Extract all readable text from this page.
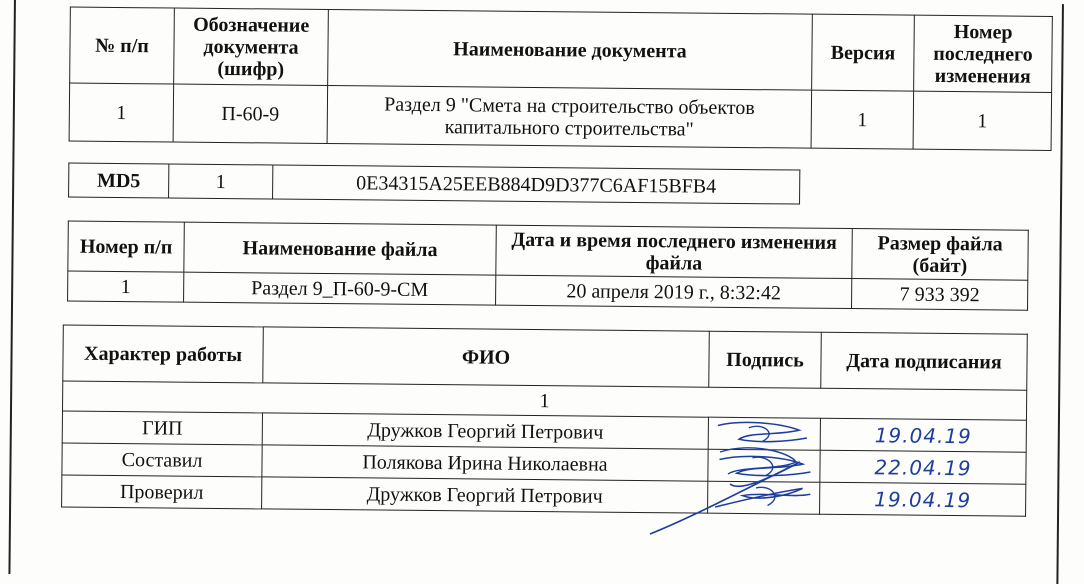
№ п/п	Обозначение документа (шифр)	Наименование документа	Версия	Номер последнего изменения
1	П-60-9	Раздел 9 "Смета на строительство объектов капитального строительства"	1	1
MD5	1	0E34315A25EEB884D9D377C6AF15BFB4
Номер п/п	Наименование файла	Дата и время последнего изменения файла	Размер файла (байт)
1	Раздел 9_П-60-9-СМ	20 апреля 2019 г., 8:32:42	7 933 392
Характер работы	ФИО	Подпись	Дата подписания
1			
ГИП	Дружков Георгий Петрович		19.04.19
Составил	Полякова Ирина Николаевна		22.04.19
Проверил	Дружков Георгий Петрович		19.04.19
